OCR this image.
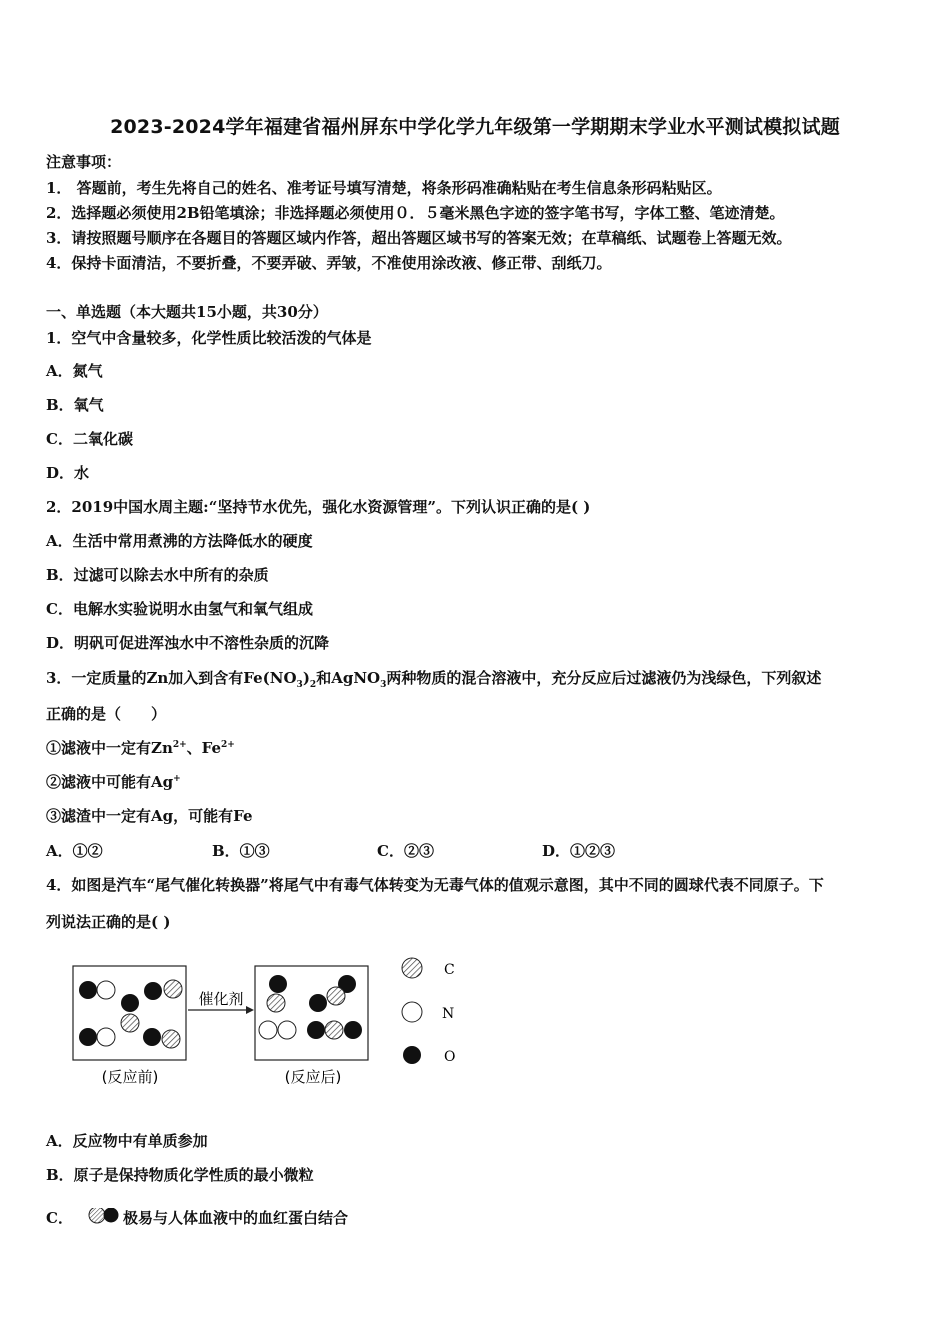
2023-2024学年福建省福州屏东中学化学九年级第一学期期末学业水平测试模拟试题
注意事项：
1． 答题前，考生先将自己的姓名、准考证号填写清楚，将条形码准确粘贴在考生信息条形码粘贴区。
2．选择题必须使用2B铅笔填涂；非选择题必须使用０．５毫米黑色字迹的签字笔书写，字体工整、笔迹清楚。
3．请按照题号顺序在各题目的答题区域内作答，超出答题区域书写的答案无效；在草稿纸、试题卷上答题无效。
4．保持卡面清洁，不要折叠，不要弄破、弄皱，不准使用涂改液、修正带、刮纸刀。
一、单选题（本大题共15小题，共30分）
1．空气中含量较多，化学性质比较活泼的气体是
A．氮气
B．氧气
C．二氧化碳
D．水
2．2019中国水周主题:“坚持节水优先，强化水资源管理”。下列认识正确的是( )
A．生活中常用煮沸的方法降低水的硬度
B．过滤可以除去水中所有的杂质
C．电解水实验说明水由氢气和氧气组成
D．明矾可促进浑浊水中不溶性杂质的沉降
3．一定质量的Zn加入到含有$Fe(NO_3)_2$和AgNO$_3$两种物质的混合溶液中，充分反应后过滤液仍为浅绿色，下列叙述
正确的是（　　）
①滤液中一定有$Zn^{2+}$、$Fe^{2+}$
②滤液中可能有Ag+
③滤渣中一定有Ag，可能有Fe
A．①②	B．①③	C．②③	D．①②③
4．如图是汽车“尾气催化转换器”将尾气中有毒气体转变为无毒气体的值观示意图，其中不同的圆球代表不同原子。下
列说法正确的是( )
催化剂
(反应前)	(反应后)
C
N
O
A．反应物中有单质参加
B．原子是保持物质化学性质的最小微粒
C．	极易与人体血液中的血红蛋白结合
